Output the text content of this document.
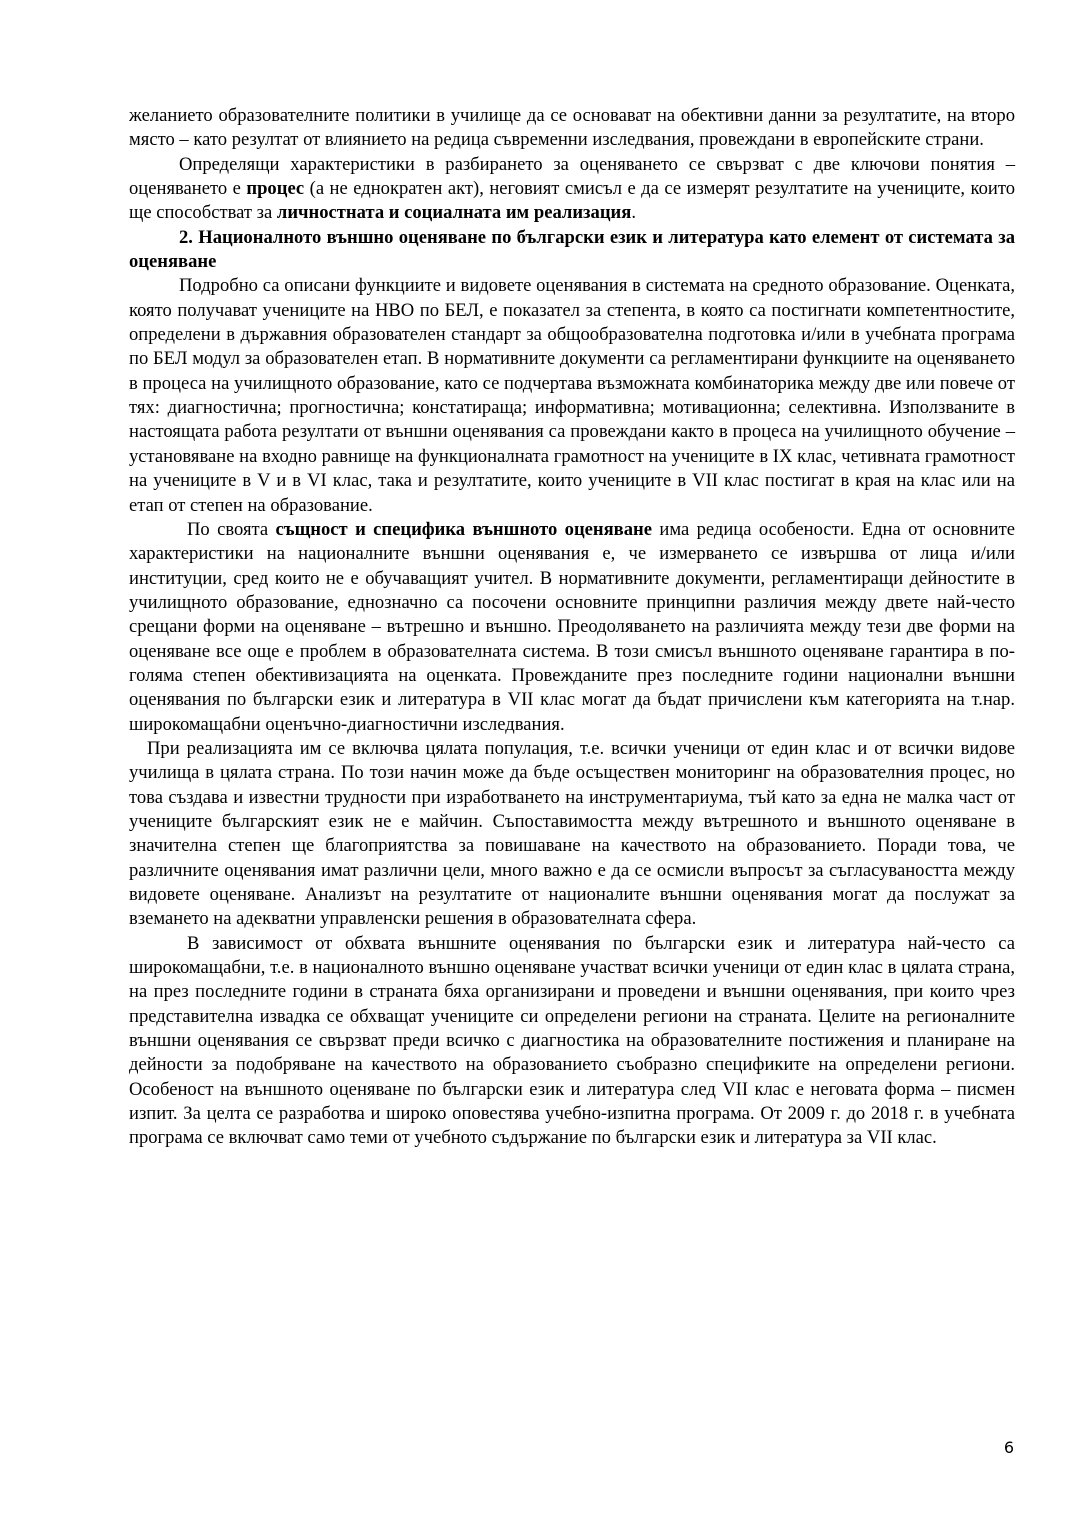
желанието образователните политики в училище да се основават на обективни данни за резултатите, на второ място – като резултат от влиянието на редица съвременни изследвания, провеждани в европейските страни.

Определящи характеристики в разбирането за оценяването се свързват с две ключови понятия – оценяването е процес (а не еднократен акт), неговият смисъл е да се измерят резултатите на учениците, които ще способстват за личностната и социалната им реализация.

2. Националното външно оценяване по български език и литература като елемент от системата за оценяване

Подробно са описани функциите и видовете оценявания в системата на средното образование. Оценката, която получават учениците на НВО по БЕЛ, е показател за степента, в която са постигнати компетентностите, определени в държавния образователен стандарт за общообразователна подготовка и/или в учебната програма по БЕЛ модул за образователен етап. В нормативните документи са регламентирани функциите на оценяването в процеса на училищното образование, като се подчертава възможната комбинаторика между две или повече от тях: диагностична; прогностична; констатираща; информативна; мотивационна; селективна. Използваните в настоящата работа резултати от външни оценявания са провеждани както в процеса на училищното обучение – установяване на входно равнище на функционалната грамотност на учениците в IX клас, четивната грамотност на учениците в V и в VI клас, така и резултатите, които учениците в VII клас постигат в края на клас или на етап от степен на образование.

По своята същност и специфика външното оценяване има редица особености. Една от основните характеристики на националните външни оценявания е, че измерването се извършва от лица и/или институции, сред които не е обучаващият учител. В нормативните документи, регламентиращи дейностите в училищното образование, еднозначно са посочени основните принципни различия между двете най-често срещани форми на оценяване – вътрешно и външно. Преодоляването на различията между тези две форми на оценяване все още е проблем в образователната система. В този смисъл външното оценяване гарантира в по-голяма степен обективизацията на оценката. Провежданите през последните години национални външни оценявания по български език и литература в VII клас могат да бъдат причислени към категорията на т.нар. широкомащабни оценъчно-диагностични изследвания.

При реализацията им се включва цялата популация, т.е. всички ученици от един клас и от всички видове училища в цялата страна. По този начин може да бъде осъществен мониторинг на образователния процес, но това създава и известни трудности при изработването на инструментариума, тъй като за една не малка част от учениците българският език не е майчин. Съпоставимостта между вътрешното и външното оценяване в значителна степен ще благоприятства за повишаване на качеството на образованието. Поради това, че различните оценявания имат различни цели, много важно е да се осмисли въпросът за съгласуваността между видовете оценяване. Анализът на резултатите от националите външни оценявания могат да послужат за вземането на адекватни управленски решения в образователната сфера.

В зависимост от обхвата външните оценявания по български език и литература най-често са широкомащабни, т.е. в националното външно оценяване участват всички ученици от един клас в цялата страна, на през последните години в страната бяха организирани и проведени и външни оценявания, при които чрез представителна извадка се обхващат учениците си определени региони на страната. Целите на регионалните външни оценявания се свързват преди всичко с диагностика на образователните постижения и планиране на дейности за подобряване на качеството на образованието съобразно спецификите на определени региони. Особеност на външното оценяване по български език и литература след VII клас е неговата форма – писмен изпит. За целта се разработва и широко оповестява учебно-изпитна програма. От 2009 г. до 2018 г. в учебната програма се включват само теми от учебното съдържание по български език и литература за VII клас.

6
